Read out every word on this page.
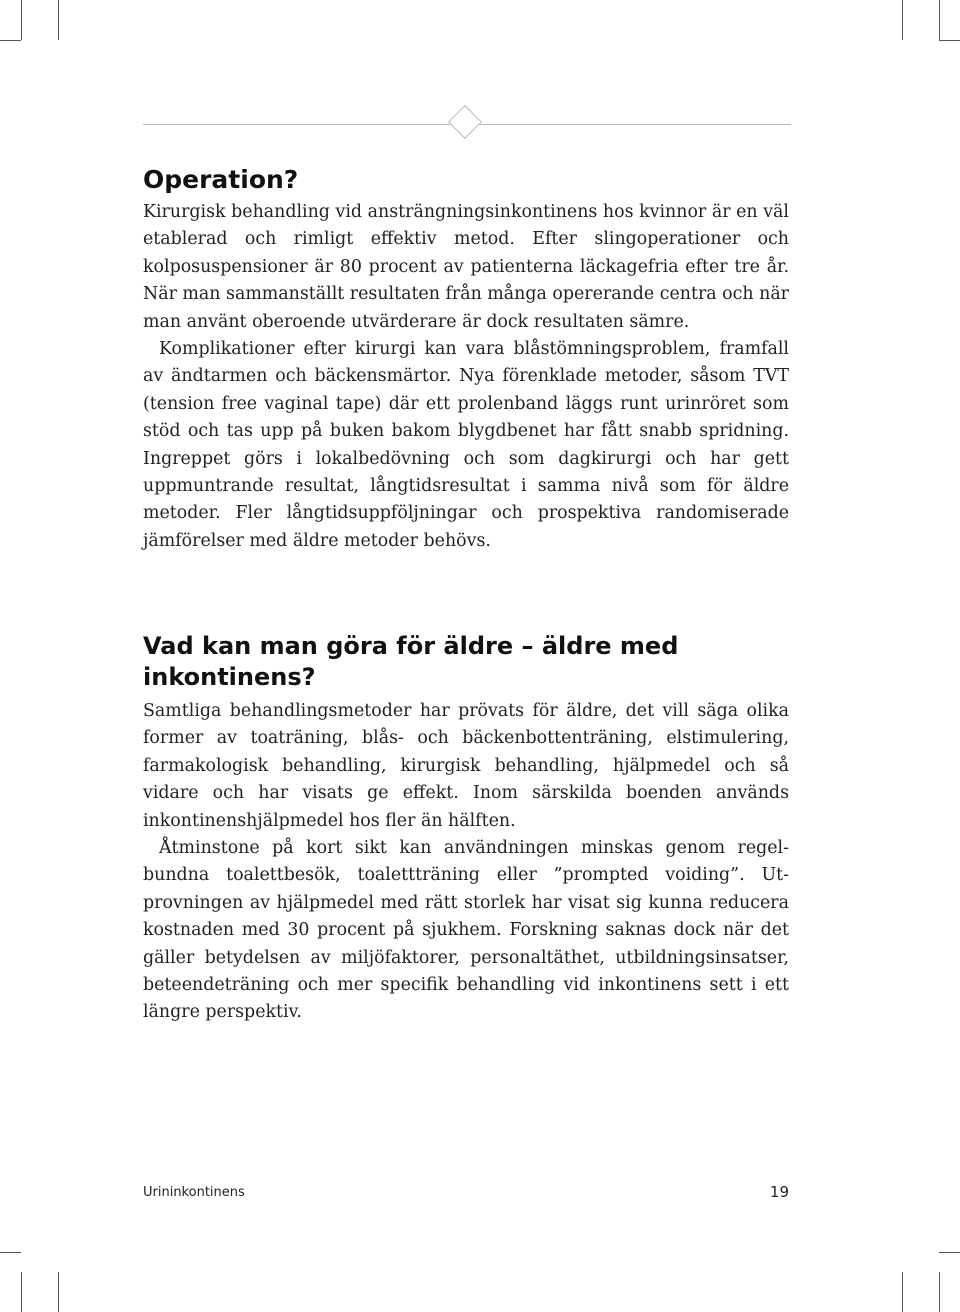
Operation?

Kirurgisk behandling vid ansträngningsinkontinens hos kvinnor är en väl etablerad och rimligt effektiv metod. Efter slingoperationer och kolposuspensioner är 80 procent av patienterna läckagefria efter tre år. När man sammanställt resultaten från många opererande centra och när man använt oberoende utvärderare är dock resultaten sämre.

Komplikationer efter kirurgi kan vara blåstömningsproblem, framfall av ändtarmen och bäckensmärtor. Nya förenklade metoder, såsom TVT (tension free vaginal tape) där ett prolenband läggs runt urinröret som stöd och tas upp på buken bakom blygdbenet har fått snabb spridning. Ingreppet görs i lokalbedövning och som dagkirurgi och har gett uppmuntrande resultat, långtidsresultat i samma nivå som för äldre metoder. Fler långtidsuppföljningar och prospektiva randomiserade jämförelser med äldre metoder behövs.

Vad kan man göra för äldre – äldre med inkontinens?

Samtliga behandlingsmetoder har prövats för äldre, det vill säga olika former av toaträning, blås- och bäckenbottenträning, elstimulering, farmakologisk behandling, kirurgisk behandling, hjälpmedel och så vidare och har visats ge effekt. Inom särskilda boenden används inkontinenshjälpmedel hos fler än hälften.

Åtminstone på kort sikt kan användningen minskas genom regelbundna toalettbesök, toalettträning eller ”prompted voiding”. Utprovningen av hjälpmedel med rätt storlek har visat sig kunna reducera kostnaden med 30 procent på sjukhem. Forskning saknas dock när det gäller betydelsen av miljöfaktorer, personaltäthet, utbildningsinsatser, beteendeträning och mer specifik behandling vid inkontinens sett i ett längre perspektiv.

Urininkontinens	19
